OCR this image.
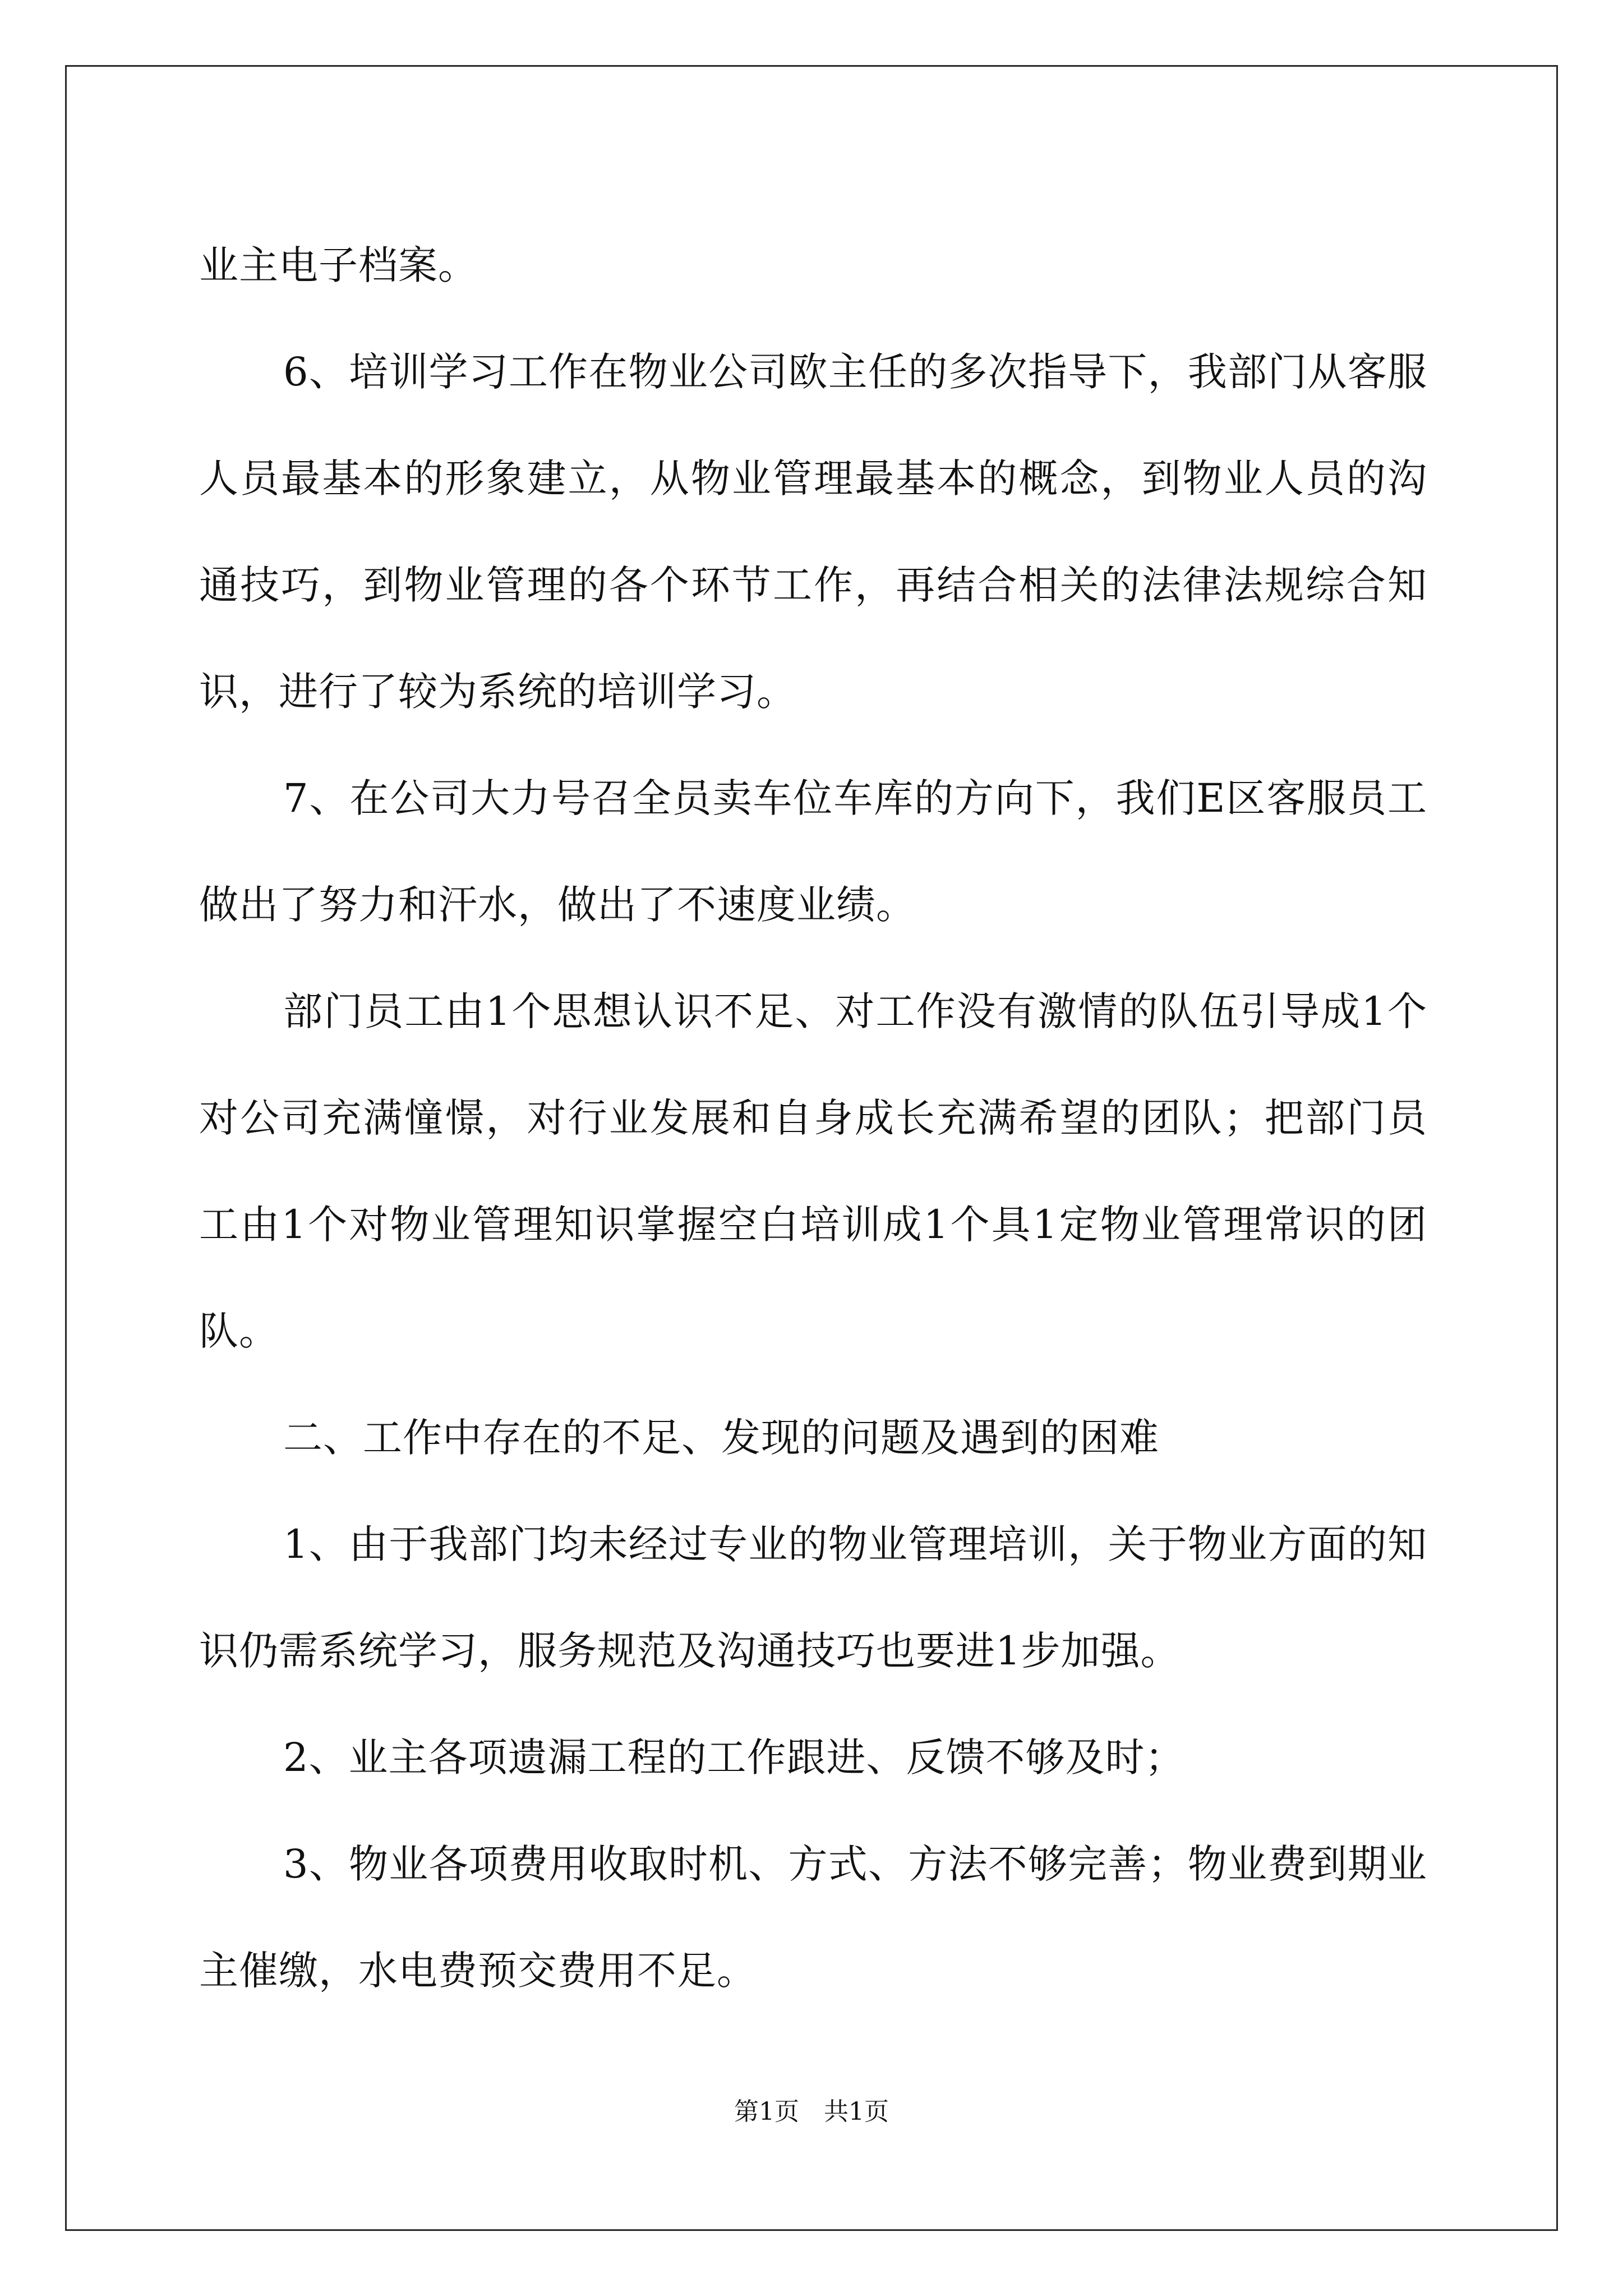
业主电子档案。

6、培训学习工作在物业公司欧主任的多次指导下，我部门从客服人员最基本的形象建立，从物业管理最基本的概念，到物业人员的沟通技巧，到物业管理的各个环节工作，再结合相关的法律法规综合知识，进行了较为系统的培训学习。

7、在公司大力号召全员卖车位车库的方向下，我们E区客服员工做出了努力和汗水，做出了不速度业绩。

部门员工由1个思想认识不足、对工作没有激情的队伍引导成1个对公司充满憧憬，对行业发展和自身成长充满希望的团队；把部门员工由1个对物业管理知识掌握空白培训成1个具1定物业管理常识的团队。

二、工作中存在的不足、发现的问题及遇到的困难

1、由于我部门均未经过专业的物业管理培训，关于物业方面的知识仍需系统学习，服务规范及沟通技巧也要进1步加强。

2、业主各项遗漏工程的工作跟进、反馈不够及时；

3、物业各项费用收取时机、方式、方法不够完善；物业费到期业主催缴，水电费预交费用不足。

第1页 共1页
